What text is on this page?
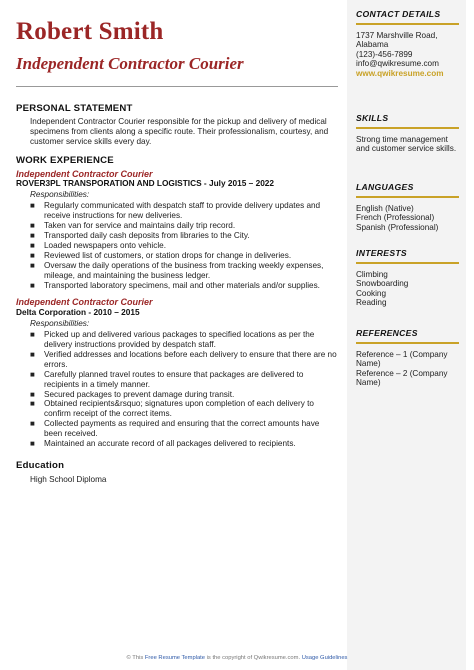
Robert Smith
Independent Contractor Courier
PERSONAL STATEMENT
Independent Contractor Courier responsible for the pickup and delivery of medical specimens from clients along a specific route. Their professionalism, courtesy, and customer service skills every day.
WORK EXPERIENCE
Independent Contractor Courier
ROVER3PL TRANSPORATION AND LOGISTICS - July 2015 – 2022
Responsibilities:
■ Regularly communicated with despatch staff to provide delivery updates and receive instructions for new deliveries.
■ Taken van for service and maintains daily trip record.
■ Transported daily cash deposits from libraries to the City.
■ Loaded newspapers onto vehicle.
■ Reviewed list of customers, or station drops for change in deliveries.
■ Oversaw the daily operations of the business from tracking weekly expenses, mileage, and maintaining the business ledger.
■ Transported laboratory specimens, mail and other materials and/or supplies.
Independent Contractor Courier
Delta Corporation - 2010 – 2015
Responsibilities:
■ Picked up and delivered various packages to specified locations as per the delivery instructions provided by despatch staff.
■ Verified addresses and locations before each delivery to ensure that there are no errors.
■ Carefully planned travel routes to ensure that packages are delivered to recipients in a timely manner.
■ Secured packages to prevent damage during transit.
■ Obtained recipients&rsquo; signatures upon completion of each delivery to confirm receipt of the correct items.
■ Collected payments as required and ensuring that the correct amounts have been received.
■ Maintained an accurate record of all packages delivered to recipients.
Education
High School Diploma
CONTACT DETAILS
1737 Marshville Road,
Alabama
(123)-456-7899
info@qwikresume.com
www.qwikresume.com
SKILLS
Strong time management and customer service skills.
LANGUAGES
English (Native)
French (Professional)
Spanish (Professional)
INTERESTS
Climbing
Snowboarding
Cooking
Reading
REFERENCES
Reference – 1 (Company Name)
Reference – 2 (Company Name)
© This Free Resume Template is the copyright of Qwikresume.com. Usage Guidelines
